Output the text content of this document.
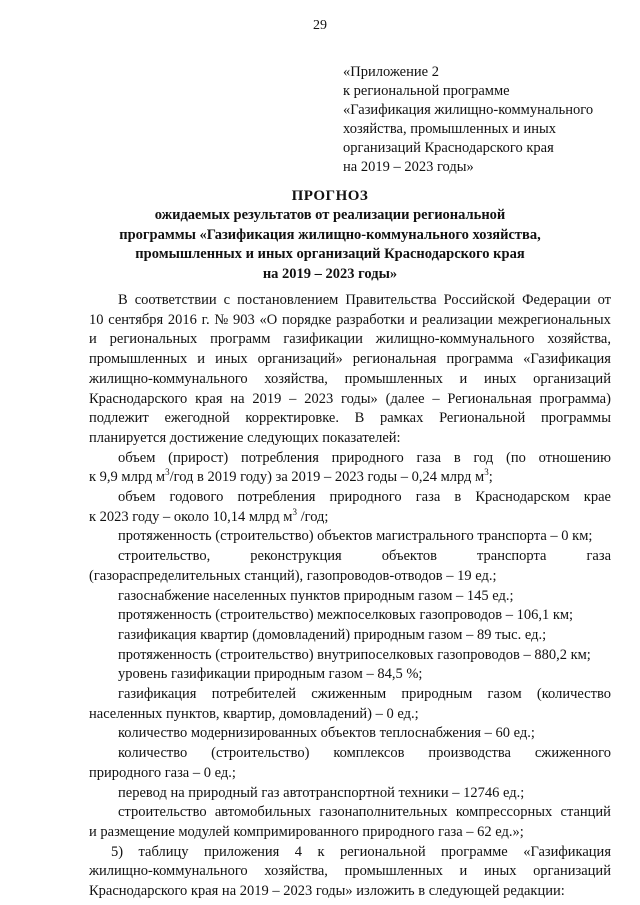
29
«Приложение 2
к региональной программе
«Газификация жилищно-коммунального
хозяйства, промышленных и иных
организаций Краснодарского края
на 2019 – 2023 годы»
ПРОГНОЗ
ожидаемых результатов от реализации региональной
программы «Газификация жилищно-коммунального хозяйства,
промышленных и иных организаций Краснодарского края
на 2019 – 2023 годы»
В соответствии с постановлением Правительства Российской Федерации от
10 сентября 2016 г. № 903 «О порядке разработки и реализации межрегиональных
и региональных программ газификации жилищно-коммунального хозяйства,
промышленных и иных организаций» региональная программа «Газификация
жилищно-коммунального хозяйства, промышленных и иных организаций
Краснодарского края на 2019 – 2023 годы» (далее – Региональная программа)
подлежит ежегодной корректировке. В рамках Региональной программы
планируется достижение следующих показателей:
объем (прирост) потребления природного газа в год (по отношению
к 9,9 млрд $м^3$/год в 2019 году) за 2019 – 2023 годы – 0,24 млрд $м^3$;
объем годового потребления природного газа в Краснодарском крае
к 2023 году – около 10,14 млрд $м^3$ /год;
протяженность (строительство) объектов магистрального транспорта – 0 км;
строительство,	реконструкция	объектов	транспорта	газа
(газораспределительных станций), газопроводов-отводов – 19 ед.;
газоснабжение населенных пунктов природным газом – 145 ед.;
протяженность (строительство) межпоселковых газопроводов – 106,1 км;
газификация квартир (домовладений) природным газом – 89 тыс. ед.;
протяженность (строительство) внутрипоселковых газопроводов – 880,2 км;
уровень газификации природным газом – 84,5 %;
газификация потребителей сжиженным природным газом (количество
населенных пунктов, квартир, домовладений) – 0 ед.;
количество модернизированных объектов теплоснабжения – 60 ед.;
количество (строительство) комплексов производства сжиженного
природного газа – 0 ед.;
перевод на природный газ автотранспортной техники – 12746 ед.;
строительство автомобильных газонаполнительных компрессорных станций
и размещение модулей компримированного природного газа – 62 ед.»;
5) таблицу приложения 4 к региональной программе «Газификация
жилищно-коммунального хозяйства, промышленных и иных организаций
Краснодарского края на 2019 – 2023 годы» изложить в следующей редакции:
